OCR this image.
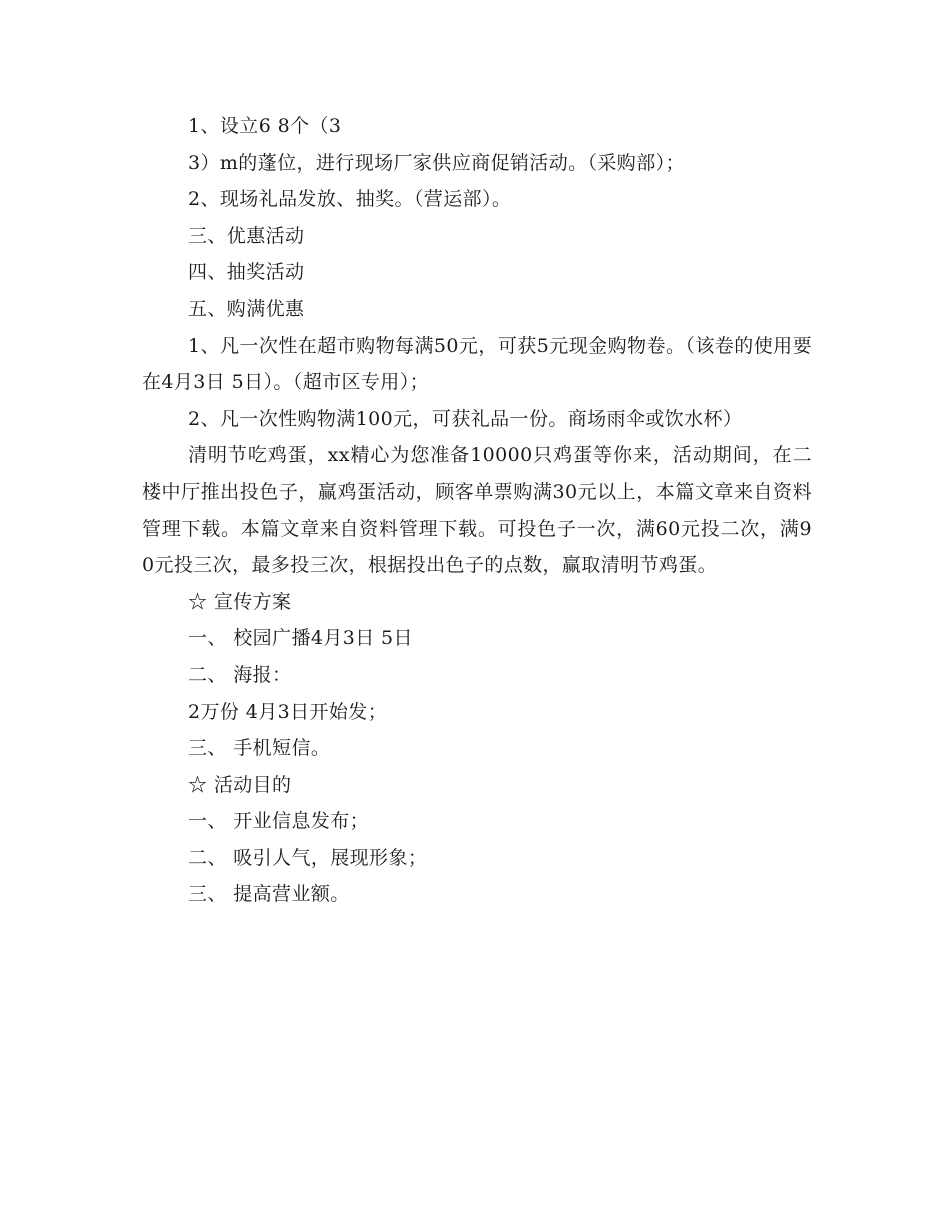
1、设立6 8个（3

3）m的蓬位，进行现场厂家供应商促销活动。（采购部）；

2、现场礼品发放、抽奖。（营运部）。

三、优惠活动

四、抽奖活动

五、购满优惠

1、凡一次性在超市购物每满50元，可获5元现金购物卷。（该卷的使用要在4月3日 5日）。（超市区专用）；

2、凡一次性购物满100元，可获礼品一份。商场雨伞或饮水杯）

清明节吃鸡蛋，xx精心为您准备10000只鸡蛋等你来，活动期间，在二楼中厅推出投色子，赢鸡蛋活动，顾客单票购满30元以上，本篇文章来自资料管理下载。本篇文章来自资料管理下载。可投色子一次，满60元投二次，满90元投三次，最多投三次，根据投出色子的点数，赢取清明节鸡蛋。

☆ 宣传方案

一、 校园广播4月3日 5日

二、 海报：

2万份 4月3日开始发；

三、 手机短信。

☆ 活动目的

一、 开业信息发布；

二、 吸引人气，展现形象；

三、 提高营业额。
